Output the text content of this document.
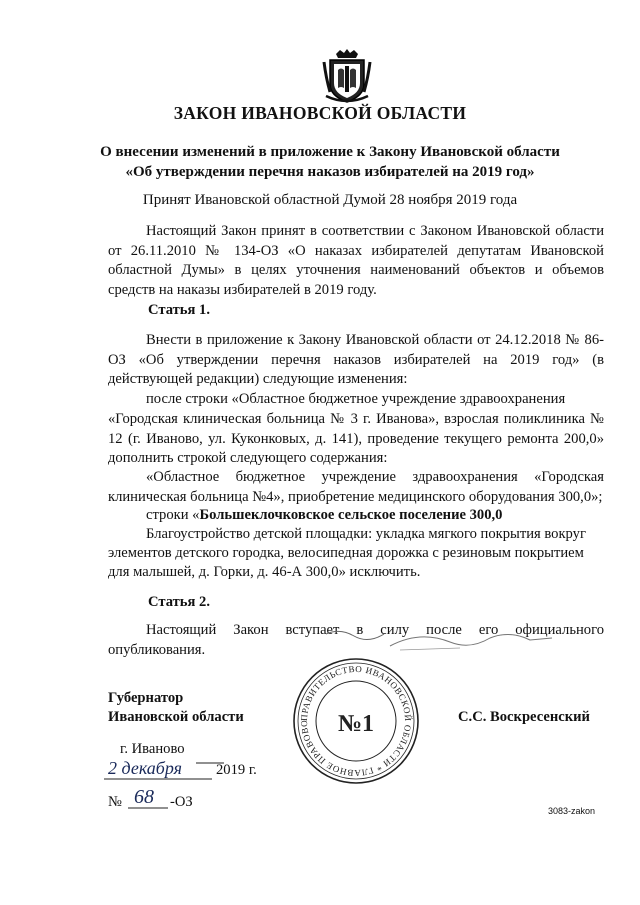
ЗАКОН ИВАНОВСКОЙ ОБЛАСТИ
О внесении изменений в приложение к Закону Ивановской области
«Об утверждении перечня наказов избирателей на 2019 год»
Принят Ивановской областной Думой 28 ноября 2019 года
Настоящий Закон принят в соответствии с Законом Ивановской области от 26.11.2010 № 134-ОЗ «О наказах избирателей депутатам Ивановской областной Думы» в целях уточнения наименований объектов и объемов средств на наказы избирателей в 2019 году.
Статья 1.
Внести в приложение к Закону Ивановской области от 24.12.2018 № 86-ОЗ «Об утверждении перечня наказов избирателей на 2019 год» (в действующей редакции) следующие изменения:
после строки «Областное бюджетное учреждение здравоохранения
«Городская клиническая больница № 3 г. Иванова», взрослая поликлиника № 12 (г. Иваново, ул. Куконковых, д. 141), проведение текущего ремонта 200,0» дополнить строкой следующего содержания:
«Областное бюджетное учреждение здравоохранения «Городская клиническая больница №4», приобретение медицинского оборудования 300,0»;
строки «Большеклочковское сельское поселение 300,0
Благоустройство детской площадки: укладка мягкого покрытия вокруг
элементов детского городка, велосипедная дорожка с резиновым покрытием
для малышей, д. Горки, д. 46-А 300,0» исключить.
Статья 2.
Настоящий Закон вступает в силу после его официального опубликования.
Губернатор
Ивановской области	С.С. Воскресенский
ПРАВИТЕЛЬСТВО ИВАНОВСКОЙ ОБЛАСТИ * ГЛАВНОЕ ПРАВОВО	№1
г. Иваново
2 декабря 2019 г.
№ 68 -ОЗ
3083-zakon
